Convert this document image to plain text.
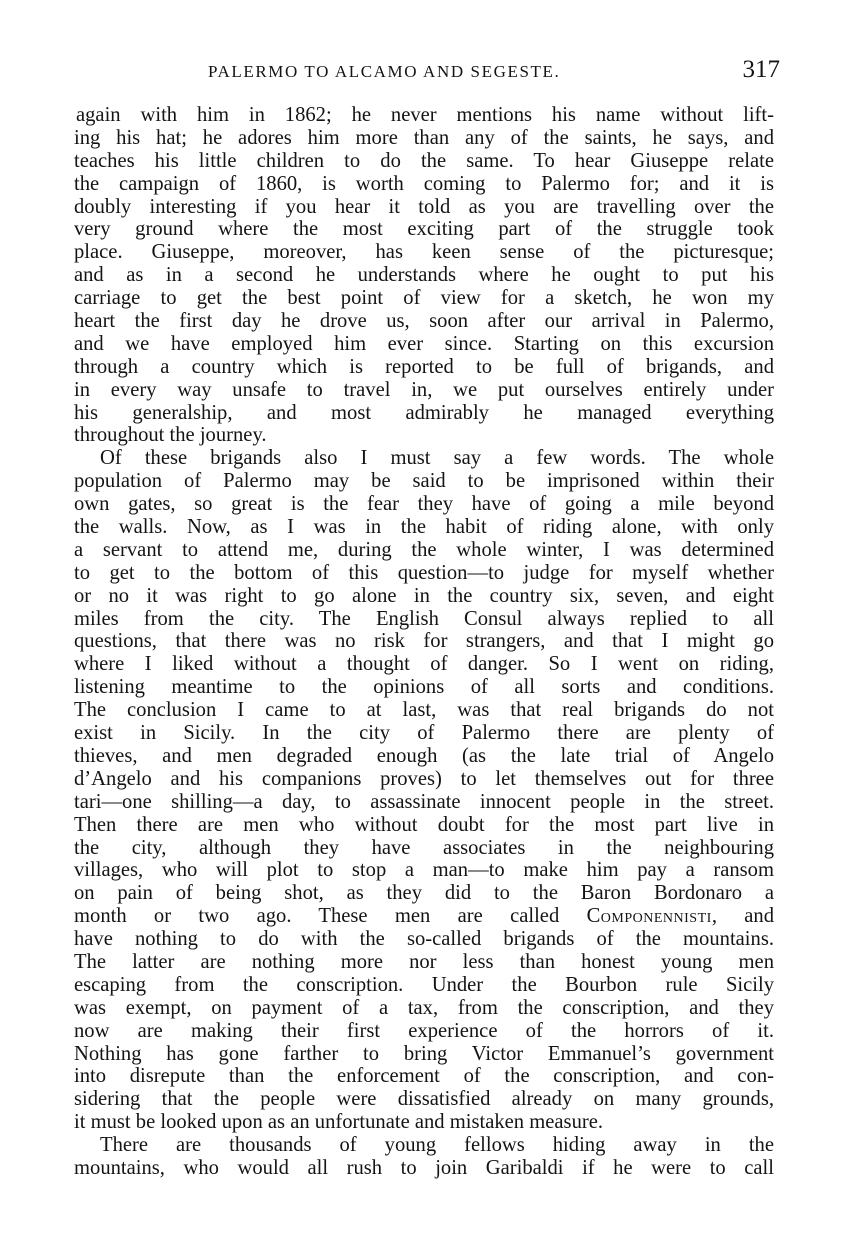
PALERMO TO ALCAMO AND SEGESTE.	317
again with him in 1862; he never mentions his name without lift-
ing his hat; he adores him more than any of the saints, he says, and
teaches his little children to do the same. To hear Giuseppe relate
the campaign of 1860, is worth coming to Palermo for; and it is
doubly interesting if you hear it told as you are travelling over the
very ground where the most exciting part of the struggle took
place. Giuseppe, moreover, has keen sense of the picturesque;
and as in a second he understands where he ought to put his
carriage to get the best point of view for a sketch, he won my
heart the first day he drove us, soon after our arrival in Palermo,
and we have employed him ever since. Starting on this excursion
through a country which is reported to be full of brigands, and
in every way unsafe to travel in, we put ourselves entirely under
his generalship, and most admirably he managed everything
throughout the journey.
Of these brigands also I must say a few words. The whole
population of Palermo may be said to be imprisoned within their
own gates, so great is the fear they have of going a mile beyond
the walls. Now, as I was in the habit of riding alone, with only
a servant to attend me, during the whole winter, I was determined
to get to the bottom of this question—to judge for myself whether
or no it was right to go alone in the country six, seven, and eight
miles from the city. The English Consul always replied to all
questions, that there was no risk for strangers, and that I might go
where I liked without a thought of danger. So I went on riding,
listening meantime to the opinions of all sorts and conditions.
The conclusion I came to at last, was that real brigands do not
exist in Sicily. In the city of Palermo there are plenty of
thieves, and men degraded enough (as the late trial of Angelo
d’Angelo and his companions proves) to let themselves out for three
tari—one shilling—a day, to assassinate innocent people in the street.
Then there are men who without doubt for the most part live in
the city, although they have associates in the neighbouring
villages, who will plot to stop a man—to make him pay a ransom
on pain of being shot, as they did to the Baron Bordonaro a
month or two ago. These men are called Componennisti, and
have nothing to do with the so-called brigands of the mountains.
The latter are nothing more nor less than honest young men
escaping from the conscription. Under the Bourbon rule Sicily
was exempt, on payment of a tax, from the conscription, and they
now are making their first experience of the horrors of it.
Nothing has gone farther to bring Victor Emmanuel’s government
into disrepute than the enforcement of the conscription, and con-
sidering that the people were dissatisfied already on many grounds,
it must be looked upon as an unfortunate and mistaken measure.
There are thousands of young fellows hiding away in the
mountains, who would all rush to join Garibaldi if he were to call
